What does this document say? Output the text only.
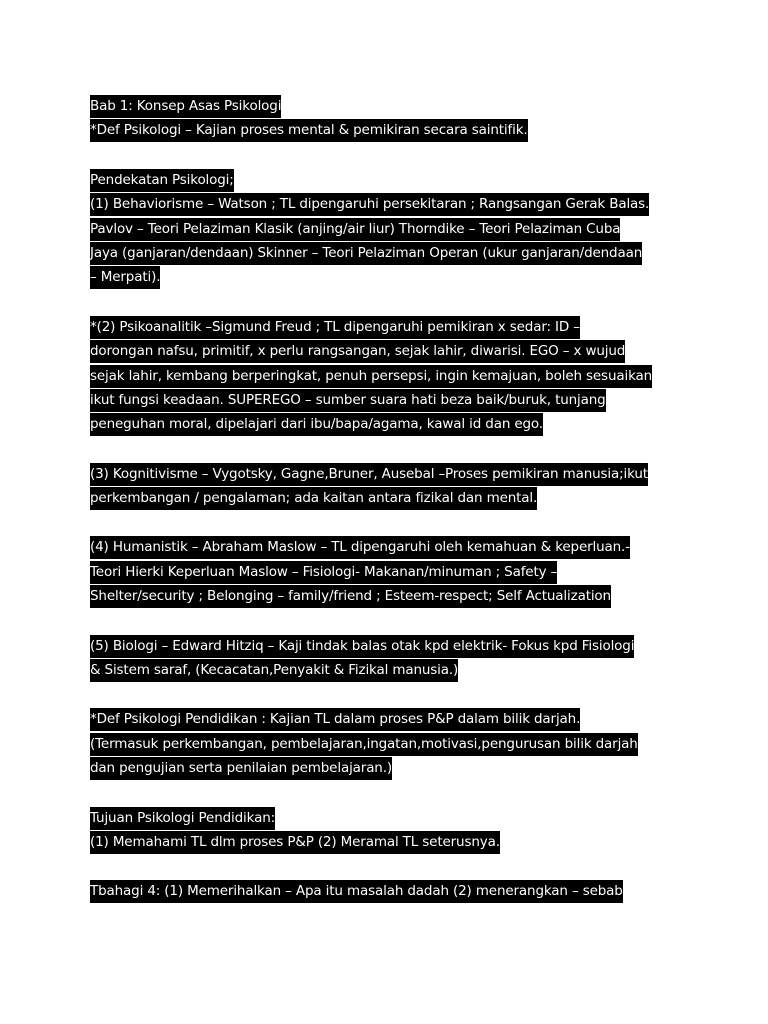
Bab 1: Konsep Asas Psikologi
*Def Psikologi – Kajian proses mental & pemikiran secara saintifik.
Pendekatan Psikologi;
(1) Behaviorisme – Watson ; TL dipengaruhi persekitaran ; Rangsangan Gerak Balas.
Pavlov – Teori Pelaziman Klasik (anjing/air liur) Thorndike – Teori Pelaziman Cuba
Jaya (ganjaran/dendaan) Skinner – Teori Pelaziman Operan (ukur ganjaran/dendaan
– Merpati).
*(2) Psikoanalitik –Sigmund Freud ; TL dipengaruhi pemikiran x sedar: ID –
dorongan nafsu, primitif, x perlu rangsangan, sejak lahir, diwarisi. EGO – x wujud
sejak lahir, kembang berperingkat, penuh persepsi, ingin kemajuan, boleh sesuaikan
ikut fungsi keadaan. SUPEREGO – sumber suara hati beza baik/buruk, tunjang
peneguhan moral, dipelajari dari ibu/bapa/agama, kawal id dan ego.
(3) Kognitivisme – Vygotsky, Gagne,Bruner, Ausebal –Proses pemikiran manusia;ikut
perkembangan / pengalaman; ada kaitan antara fizikal dan mental.
(4) Humanistik – Abraham Maslow – TL dipengaruhi oleh kemahuan & keperluan.-
Teori Hierki Keperluan Maslow – Fisiologi- Makanan/minuman ; Safety –
Shelter/security ; Belonging – family/friend ; Esteem-respect; Self Actualization
(5) Biologi – Edward Hitziq – Kaji tindak balas otak kpd elektrik- Fokus kpd Fisiologi
& Sistem saraf, (Kecacatan,Penyakit & Fizikal manusia.)
*Def Psikologi Pendidikan : Kajian TL dalam proses P&P dalam bilik darjah.
(Termasuk perkembangan, pembelajaran,ingatan,motivasi,pengurusan bilik darjah
dan pengujian serta penilaian pembelajaran.)
Tujuan Psikologi Pendidikan:
(1) Memahami TL dlm proses P&P (2) Meramal TL seterusnya.
Tbahagi 4: (1) Memerihalkan – Apa itu masalah dadah (2) menerangkan – sebab
